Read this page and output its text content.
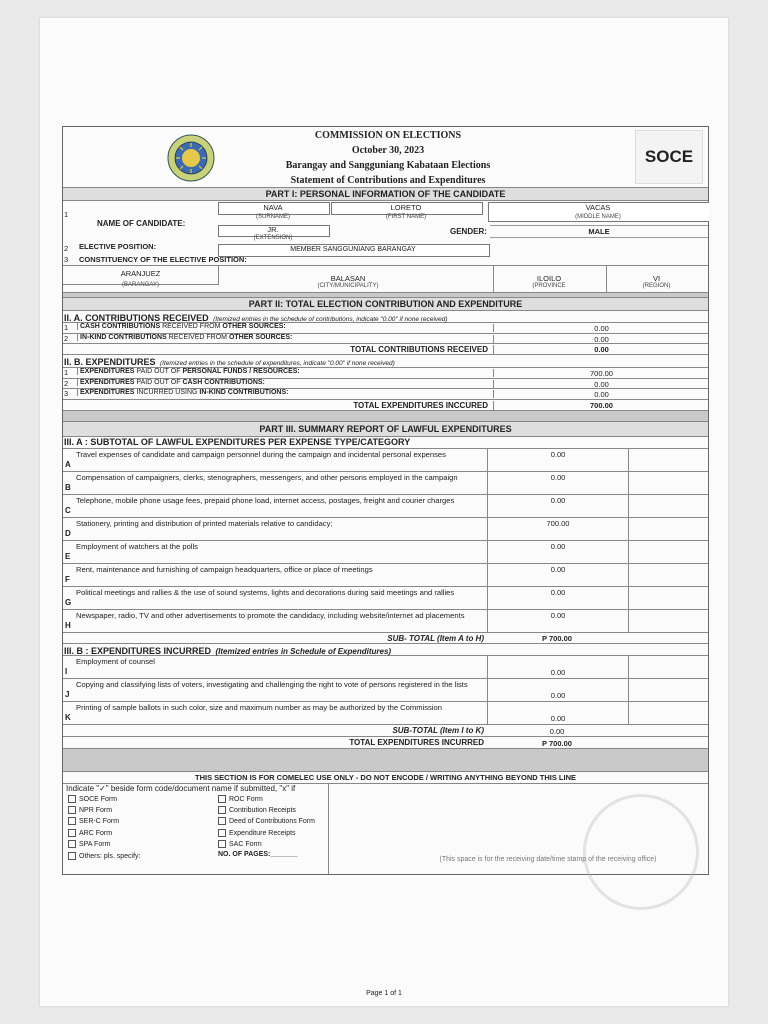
COMMISSION ON ELECTIONS
October 30, 2023
Barangay and Sangguniang Kabataan Elections
Statement of Contributions and Expenditures
SOCE
PART I: PERSONAL INFORMATION OF THE CANDIDATE
1
NAME OF CANDIDATE:
NAVA
(SURNAME)
LORETO
(FIRST NAME)
VACAS
(MIDDLE NAME)
JR.
(EXTENSION)
GENDER:	MALE
2 ELECTIVE POSITION:	MEMBER SANGGUNIANG BARANGAY
3 CONSTITUENCY OF THE ELECTIVE POSITION:
ARANJUEZ
(BARANGAY)
BALASAN
(CITY/MUNICIPALITY)
ILOILO
(PROVINCE
VI
(REGION)
PART II: TOTAL ELECTION CONTRIBUTION AND EXPENDITURE
II. A. CONTRIBUTIONS RECEIVED (Itemized entries in the schedule of contributions, indicate "0.00" if none received)
1	CASH CONTRIBUTIONS RECEIVED FROM OTHER SOURCES:	0.00
2	IN-KIND CONTRIBUTIONS RECEIVED FROM OTHER SOURCES:	0.00
TOTAL CONTRIBUTIONS RECEIVED	0.00
II. B. EXPENDITURES (Itemized entries in the schedule of expenditures, indicate "0.00" if none received)
1	EXPENDITURES PAID OUT OF PERSONAL FUNDS / RESOURCES:	700.00
2	EXPENDITURES PAID OUT OF CASH CONTRIBUTIONS:	0.00
3	EXPENDITURES INCURRED USING IN-KIND CONTRIBUTIONS:	0.00
TOTAL EXPENDITURES INCCURED	700.00
PART III. SUMMARY REPORT OF LAWFUL EXPENDITURES
III. A : SUBTOTAL OF LAWFUL EXPENDITURES PER EXPENSE TYPE/CATEGORY
A
Travel expenses of candidate and campaign personnel during the campaign and incidental personal expenses	0.00
B
Compensation of campaigners, clerks, stenographers, messengers, and other persons employed in the campaign	0.00
C
Telephone, mobile phone usage fees, prepaid phone load, internet access, postages, freight and courier charges	0.00
D
Stationery, printing and distribution of printed materials relative to candidacy;	700.00
E
Employment of watchers at the polls	0.00
F
Rent, maintenance and furnishing of campaign headquarters, office or place of meetings	0.00
G
Political meetings and rallies & the use of sound systems, lights and decorations during said meetings and rallies	0.00
H
Newspaper, radio, TV and other advertisements to promote the candidacy, including website/internet ad placements	0.00
SUB- TOTAL (Item A to H)	P 700.00
III. B : EXPENDITURES INCURRED (Itemized entries in Schedule of Expenditures)
I
Employment of counsel
0.00
J
Copying and classifying lists of voters, investigating and challenging the right to vote of persons registered in the lists
0.00
K
Printing of sample ballots in such color, size and maximum number as may be authorized by the Commission
0.00
SUB-TOTAL (Item I to K)	0.00
TOTAL EXPENDITURES INCURRED	P 700.00
THIS SECTION IS FOR COMELEC USE ONLY - DO NOT ENCODE / WRITING ANYTHING BEYOND THIS LINE
Indicate "✓" beside form code/document name if submitted, "x" if
SOCE Form
NPR Form
SER-C Form
ARC Form
SPA Form
Others: pls. specify:
ROC Form
Contribution Receipts
Deed of Contributions Form
Expenditure Receipts
SAC Form
NO. OF PAGES:_______
(This space is for the receiving date/time stamp of the receiving office)
Page 1 of 1
